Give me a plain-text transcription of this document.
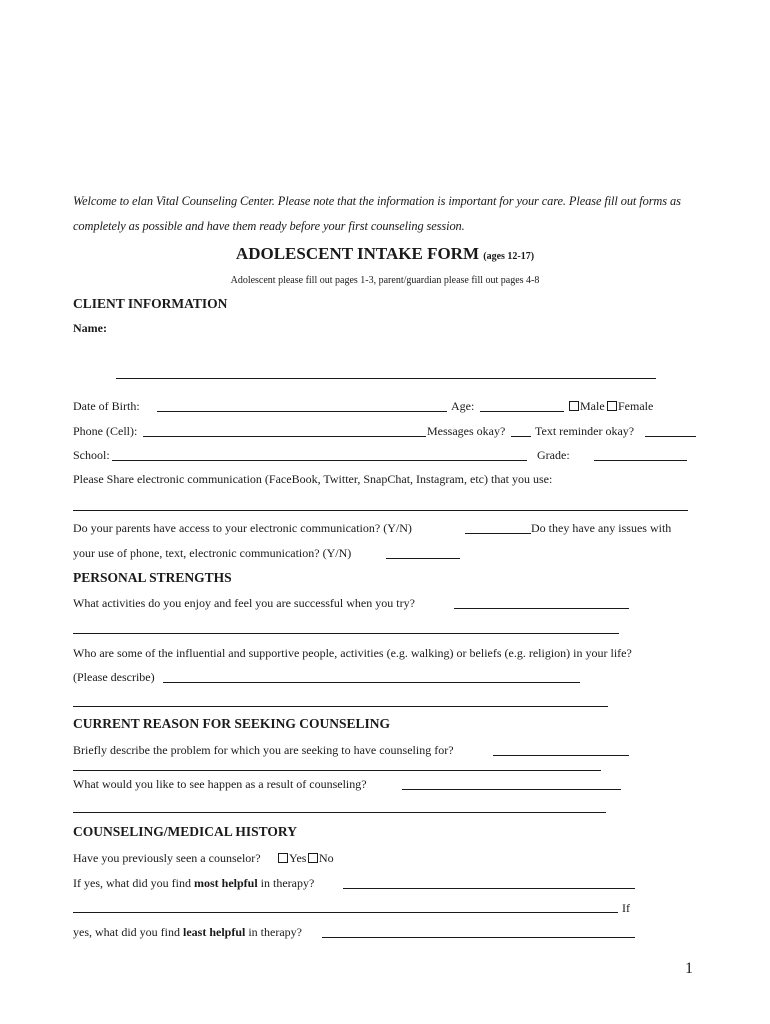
Welcome to elan Vital Counseling Center. Please note that the information is important for your care. Please fill out forms as
completely as possible and have them ready before your first counseling session.
ADOLESCENT INTAKE FORM (ages 12-17)
Adolescent please fill out pages 1-3, parent/guardian please fill out pages 4-8
CLIENT INFORMATION
Name:
Date of Birth:	Age:	Male	Female
Phone (Cell):	Messages okay? Text reminder okay?
School:	Grade:
Please Share electronic communication (FaceBook, Twitter, SnapChat, Instagram, etc) that you use:
Do your parents have access to your electronic communication? (Y/N)	Do they have any issues with
your use of phone, text, electronic communication? (Y/N)
PERSONAL STRENGTHS
What activities do you enjoy and feel you are successful when you try?
Who are some of the influential and supportive people, activities (e.g. walking) or beliefs (e.g. religion) in your life?
(Please describe)
CURRENT REASON FOR SEEKING COUNSELING
Briefly describe the problem for which you are seeking to have counseling for?
What would you like to see happen as a result of counseling?
COUNSELING/MEDICAL HISTORY
Have you previously seen a counselor?	Yes	No
If yes, what did you find most helpful in therapy?
If
yes, what did you find least helpful in therapy?
1
